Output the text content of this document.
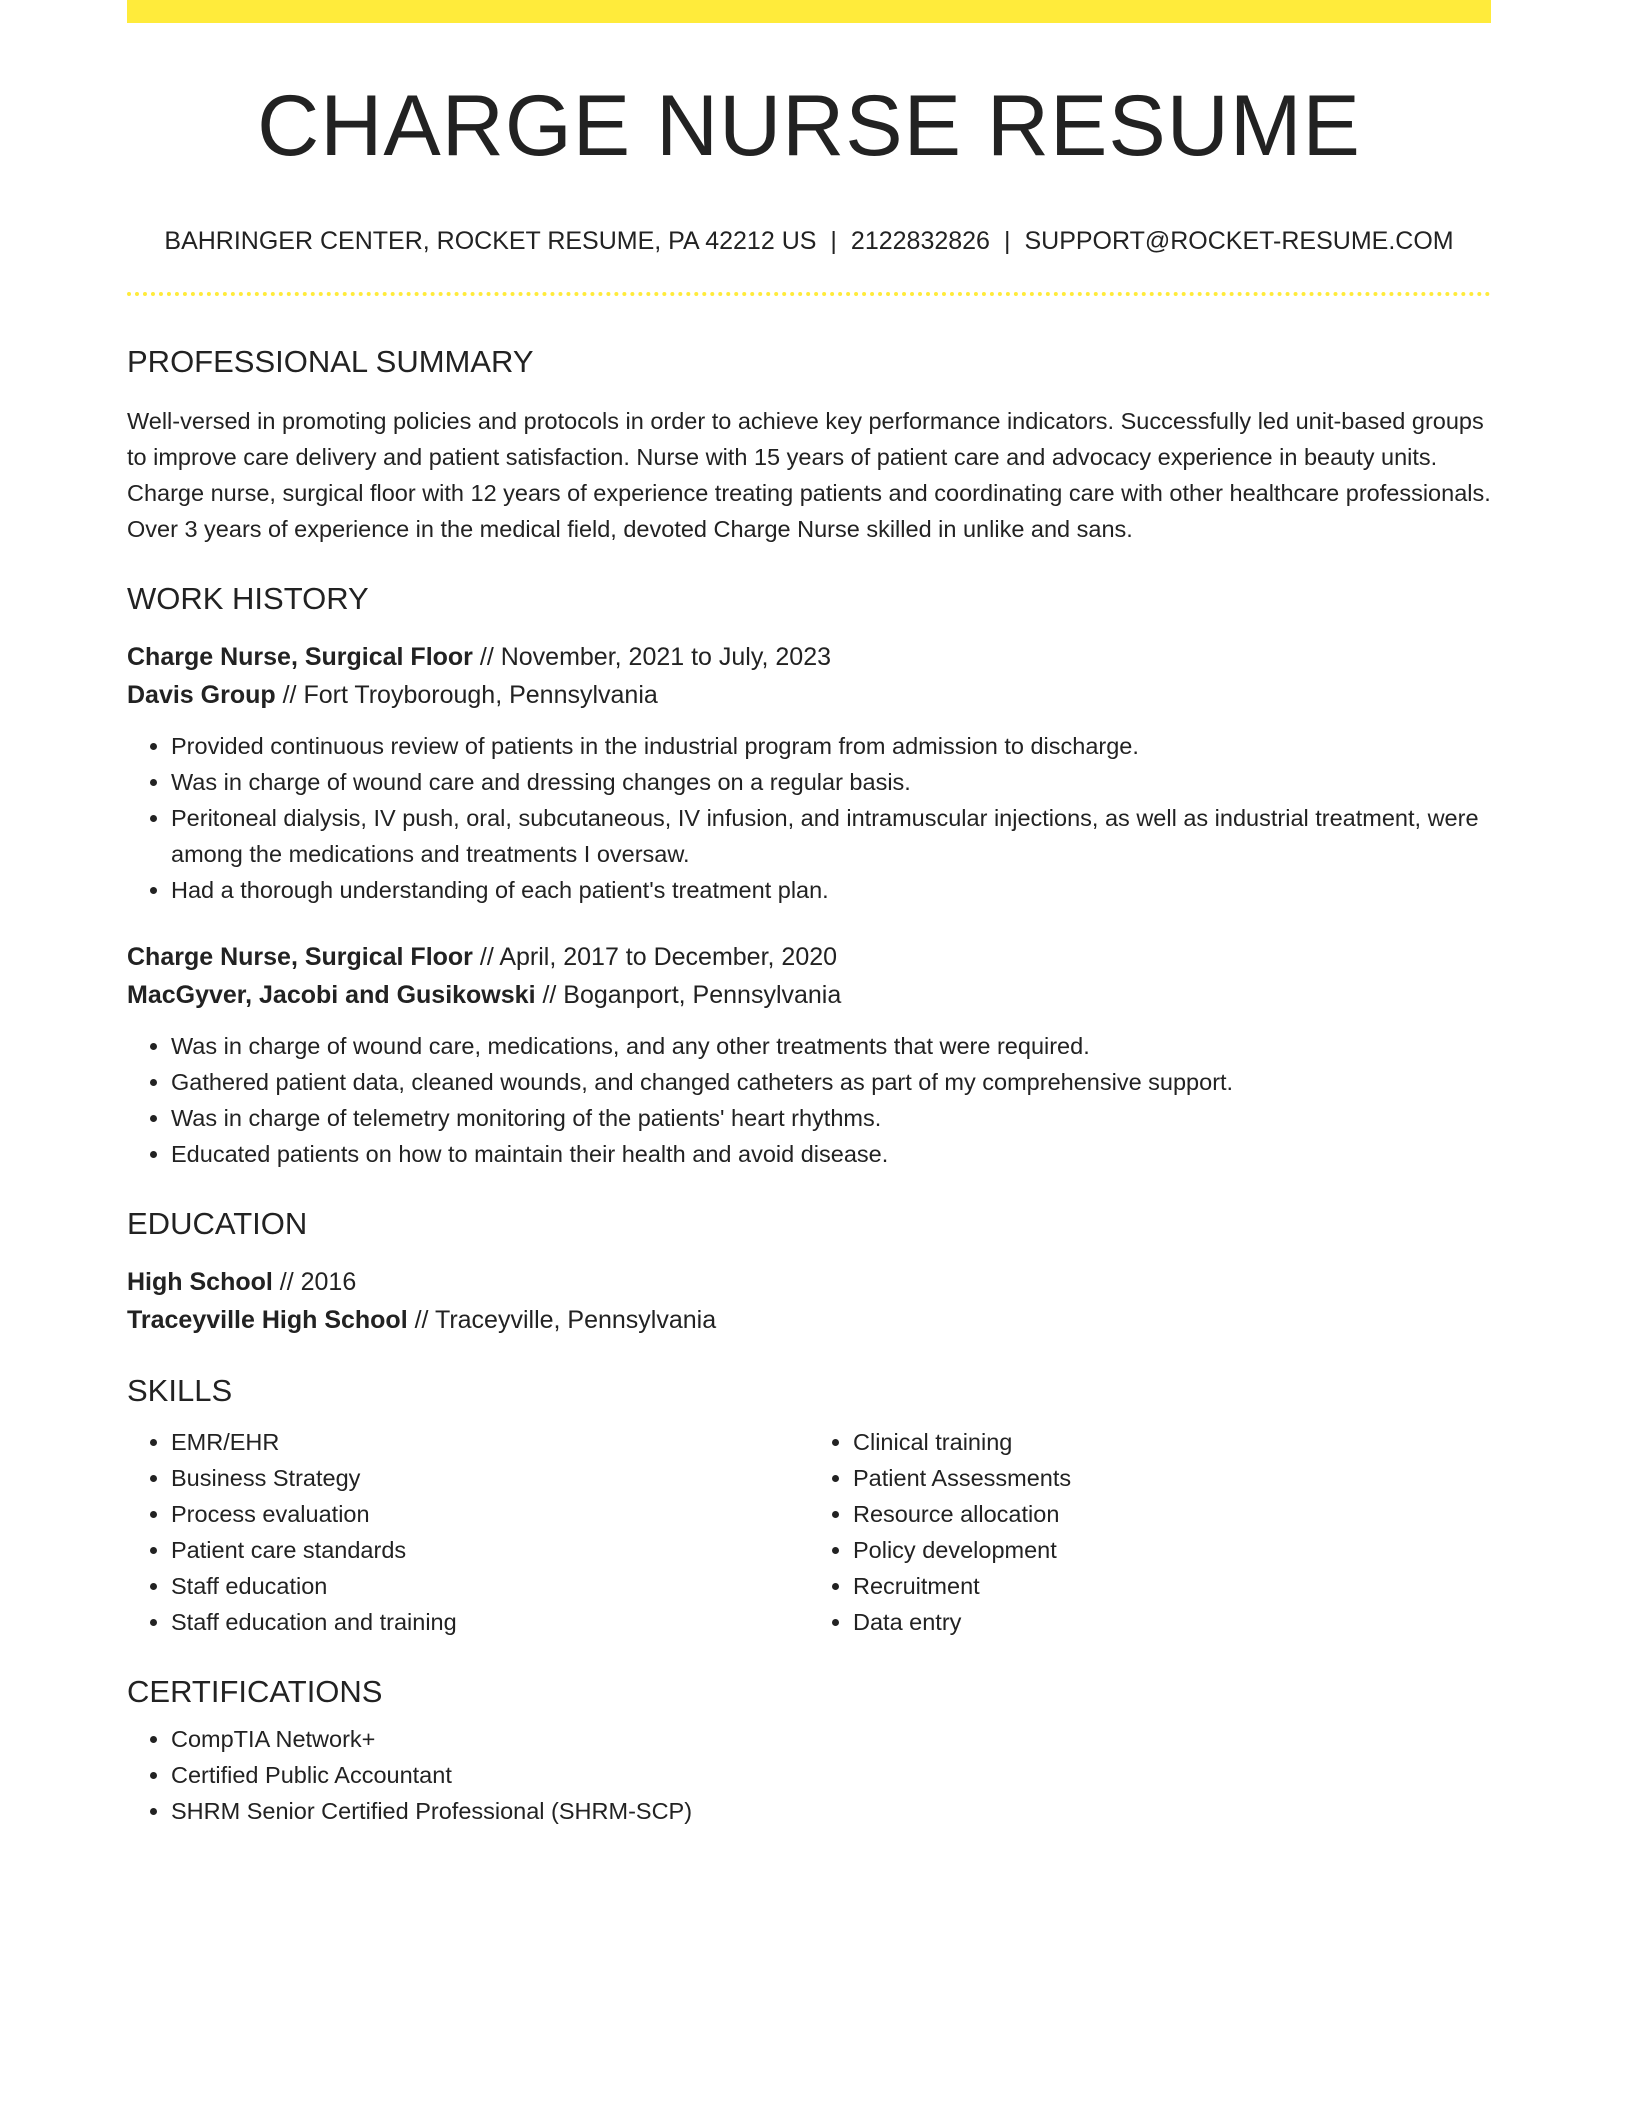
CHARGE NURSE RESUME
BAHRINGER CENTER, ROCKET RESUME, PA 42212 US | 2122832826 | SUPPORT@ROCKET-RESUME.COM
PROFESSIONAL SUMMARY

Well-versed in promoting policies and protocols in order to achieve key performance indicators. Successfully led unit-based groups to improve care delivery and patient satisfaction. Nurse with 15 years of patient care and advocacy experience in beauty units. Charge nurse, surgical floor with 12 years of experience treating patients and coordinating care with other healthcare professionals. Over 3 years of experience in the medical field, devoted Charge Nurse skilled in unlike and sans.

WORK HISTORY
Charge Nurse, Surgical Floor // November, 2021 to July, 2023
Davis Group // Fort Troyborough, Pennsylvania
• Provided continuous review of patients in the industrial program from admission to discharge.
• Was in charge of wound care and dressing changes on a regular basis.
• Peritoneal dialysis, IV push, oral, subcutaneous, IV infusion, and intramuscular injections, as well as industrial treatment, were among the medications and treatments I oversaw.
• Had a thorough understanding of each patient's treatment plan.
Charge Nurse, Surgical Floor // April, 2017 to December, 2020
MacGyver, Jacobi and Gusikowski // Boganport, Pennsylvania
• Was in charge of wound care, medications, and any other treatments that were required.
• Gathered patient data, cleaned wounds, and changed catheters as part of my comprehensive support.
• Was in charge of telemetry monitoring of the patients' heart rhythms.
• Educated patients on how to maintain their health and avoid disease.
EDUCATION
High School // 2016
Traceyville High School // Traceyville, Pennsylvania
SKILLS
• EMR/EHR
• Business Strategy
• Process evaluation
• Patient care standards
• Staff education
• Staff education and training
• Clinical training
• Patient Assessments
• Resource allocation
• Policy development
• Recruitment
• Data entry
CERTIFICATIONS
• CompTIA Network+
• Certified Public Accountant
• SHRM Senior Certified Professional (SHRM-SCP)
